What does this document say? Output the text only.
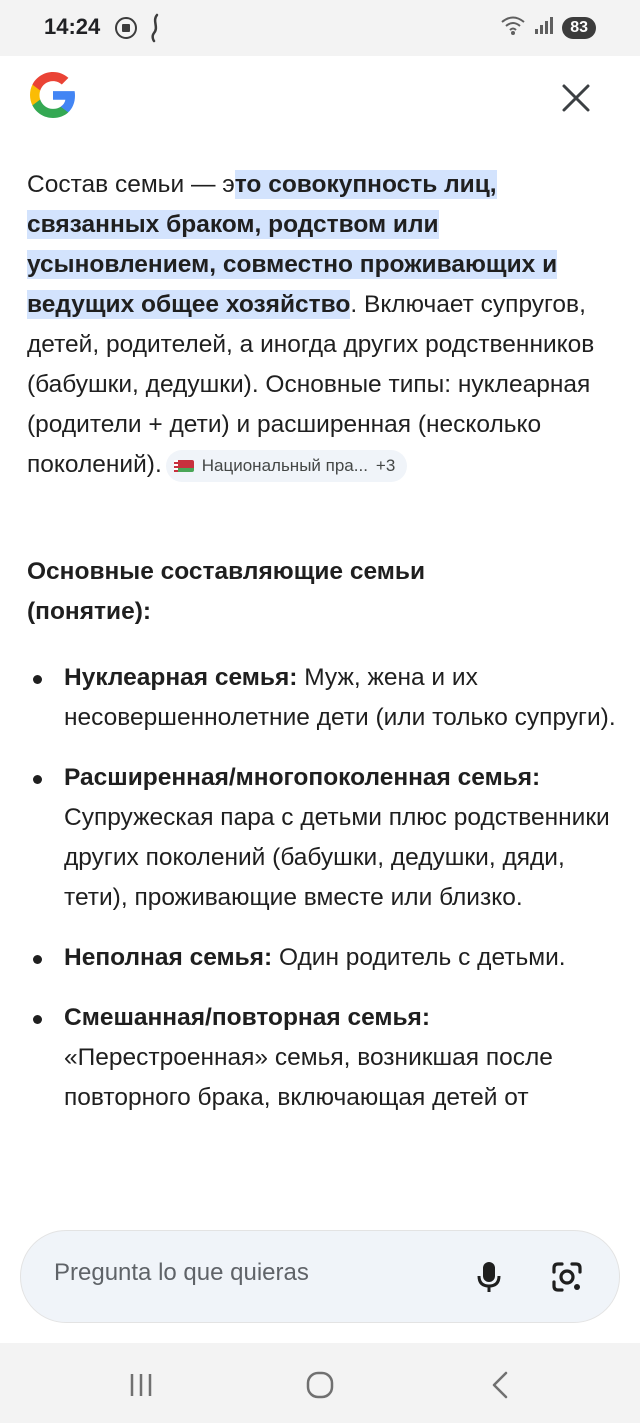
14:24	83

Состав семьи — это совокупность лиц,
связанных браком, родством или
усыновлением, совместно проживающих и
ведущих общее хозяйство. Включает супругов, детей, родителей, а иногда других родственников (бабушки, дедушки). Основные типы: нуклеарная (родители + дети) и расширенная (несколько поколений). Национальный пра... +3

Основные составляющие семьи (понятие):
Нуклеарная семья: Муж, жена и их несовершеннолетние дети (или только супруги).
Расширенная/многопоколенная семья: Супружеская пара с детьми плюс родственники других поколений (бабушки, дедушки, дяди, тети), проживающие вместе или близко.
Неполная семья: Один родитель с детьми.
Смешанная/повторная семья: «Перестроенная» семья, возникшая после повторного брака, включающая детей от
Pregunta lo que quieras
